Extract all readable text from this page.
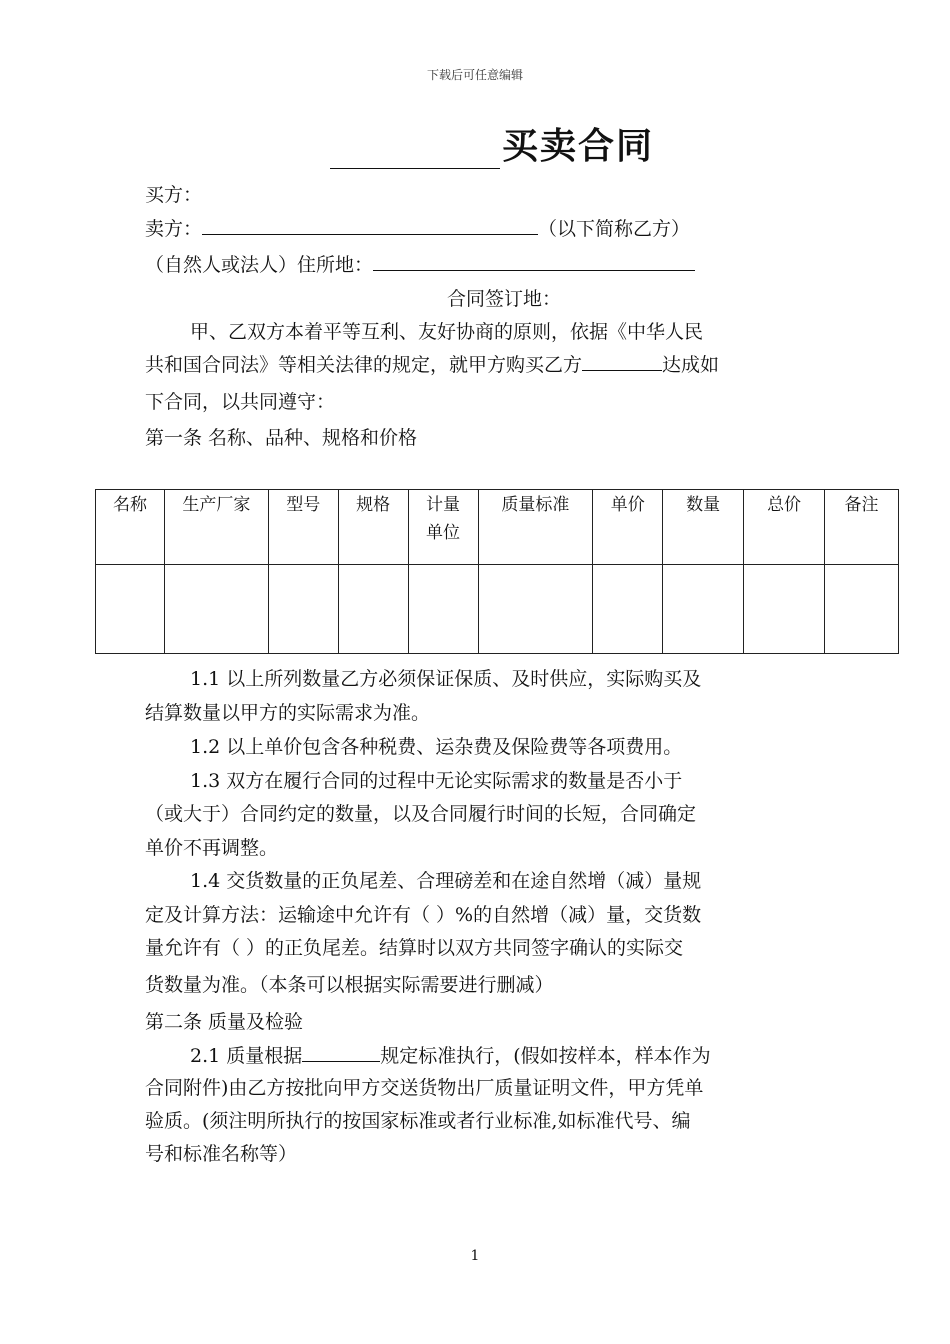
下载后可任意编辑
买卖合同
买方：
卖方：	（以下简称乙方）
（自然人或法人）住所地：
合同签订地：
甲、乙双方本着平等互利、友好协商的原则，依据《中华人民
共和国合同法》等相关法律的规定，就甲方购买乙方	达成如
下合同，以共同遵守：
第一条 名称、品种、规格和价格
名称	生产厂家	型号	规格	计量单位	质量标准	单价	数量	总价	备注

1.1 以上所列数量乙方必须保证保质、及时供应，实际购买及
结算数量以甲方的实际需求为准。
1.2 以上单价包含各种税费、运杂费及保险费等各项费用。
1.3 双方在履行合同的过程中无论实际需求的数量是否小于
（或大于）合同约定的数量，以及合同履行时间的长短，合同确定
单价不再调整。
1.4 交货数量的正负尾差、合理磅差和在途自然增（减）量规
定及计算方法：运输途中允许有（ ）%的自然增（减）量，交货数
量允许有（ ）的正负尾差。结算时以双方共同签字确认的实际交
货数量为准。（本条可以根据实际需要进行删减）
第二条 质量及检验
2.1 质量根据	规定标准执行，(假如按样本，样本作为
合同附件)由乙方按批向甲方交送货物出厂质量证明文件，甲方凭单
验质。(须注明所执行的按国家标准或者行业标准,如标准代号、编
号和标准名称等）
1
